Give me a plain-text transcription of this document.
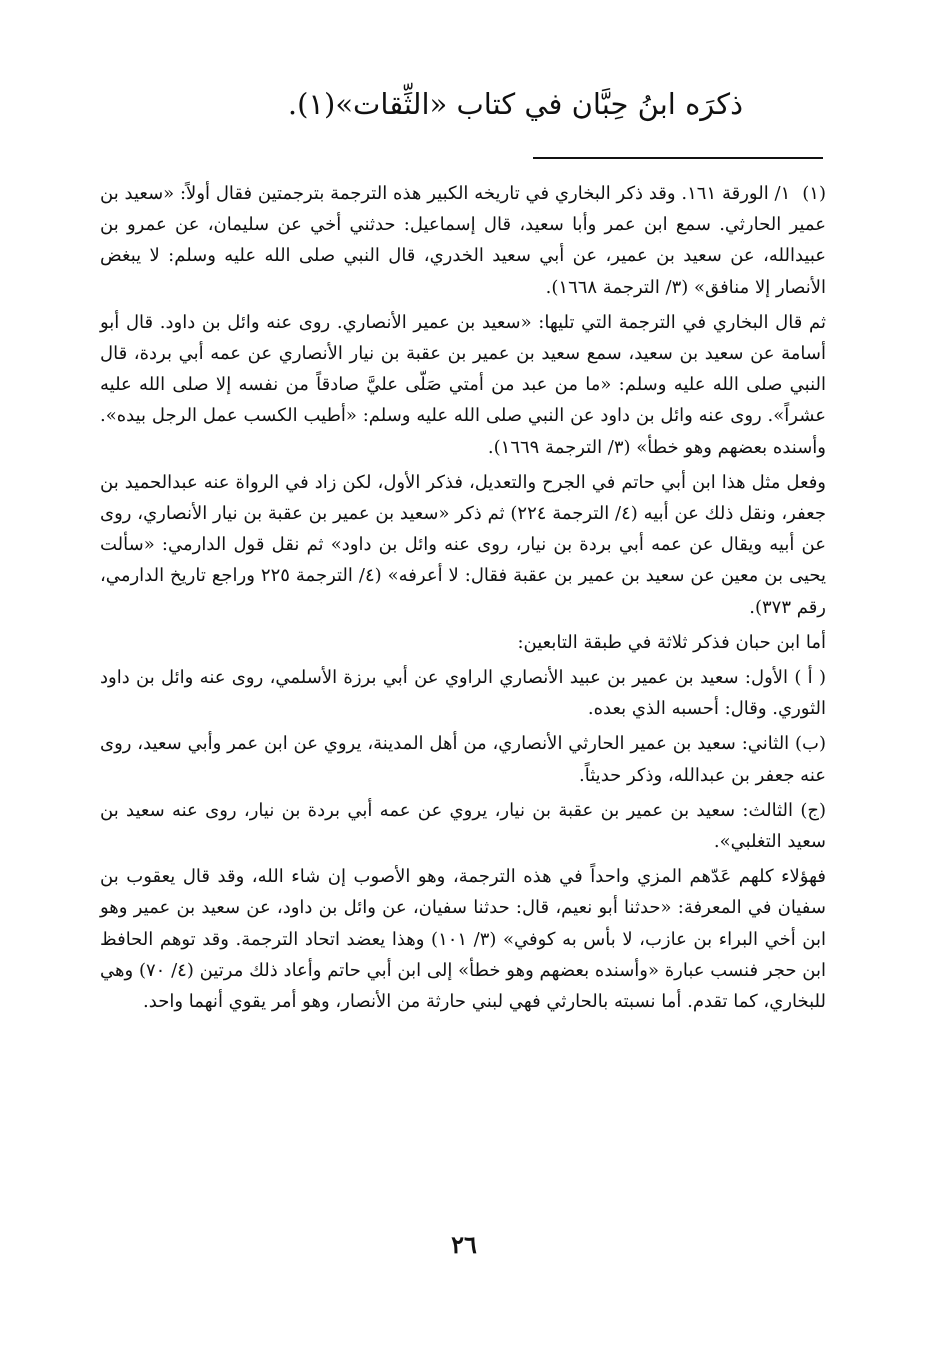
ذكرَه ابنُ حِبَّان في كتاب «الثِّقات»(١).

(١)١/ الورقة ١٦١. وقد ذكر البخاري في تاريخه الكبير هذه الترجمة بترجمتين فقال أولاً: «سعيد بن عمير الحارثي. سمع ابن عمر وأبا سعيد، قال إسماعيل: حدثني أخي عن سليمان، عن عمرو بن عبيدالله، عن سعيد بن عمير، عن أبي سعيد الخدري، قال النبي صلى الله عليه وسلم: لا يبغض الأنصار إلا منافق» (٣/ الترجمة ١٦٦٨).

ثم قال البخاري في الترجمة التي تليها: «سعيد بن عمير الأنصاري. روى عنه وائل بن داود. قال أبو أسامة عن سعيد بن سعيد، سمع سعيد بن عمير بن عقبة بن نيار الأنصاري عن عمه أبي بردة، قال النبي صلى الله عليه وسلم: «ما من عبد من أمتي صَلّى عليَّ صادقاً من نفسه إلا صلى الله عليه عشراً». روى عنه وائل بن داود عن النبي صلى الله عليه وسلم: «أطيب الكسب عمل الرجل بيده». وأسنده بعضهم وهو خطأ» (٣/ الترجمة ١٦٦٩).

وفعل مثل هذا ابن أبي حاتم في الجرح والتعديل، فذكر الأول، لكن زاد في الرواة عنه عبدالحميد بن جعفر، ونقل ذلك عن أبيه (٤/ الترجمة ٢٢٤) ثم ذكر «سعيد بن عمير بن عقبة بن نيار الأنصاري، روى عن أبيه ويقال عن عمه أبي بردة بن نيار، روى عنه وائل بن داود» ثم نقل قول الدارمي: «سألت يحيى بن معين عن سعيد بن عمير بن عقبة فقال: لا أعرفه» (٤/ الترجمة ٢٢٥ وراجع تاريخ الدارمي، رقم ٣٧٣).

أما ابن حبان فذكر ثلاثة في طبقة التابعين:

( أ ) الأول: سعيد بن عمير بن عبيد الأنصاري الراوي عن أبي برزة الأسلمي، روى عنه وائل بن داود الثوري. وقال: أحسبه الذي بعده.

(ب) الثاني: سعيد بن عمير الحارثي الأنصاري، من أهل المدينة، يروي عن ابن عمر وأبي سعيد، روى عنه جعفر بن عبدالله، وذكر حديثاً.

(ج) الثالث: سعيد بن عمير بن عقبة بن نيار، يروي عن عمه أبي بردة بن نيار، روى عنه سعيد بن سعيد التغلبي».

فهؤلاء كلهم عَدّهم المزي واحداً في هذه الترجمة، وهو الأصوب إن شاء الله، وقد قال يعقوب بن سفيان في المعرفة: «حدثنا أبو نعيم، قال: حدثنا سفيان، عن وائل بن داود، عن سعيد بن عمير وهو ابن أخي البراء بن عازب، لا بأس به كوفي» (٣/ ١٠١) وهذا يعضد اتحاد الترجمة. وقد توهم الحافظ ابن حجر فنسب عبارة «وأسنده بعضهم وهو خطأ» إلى ابن أبي حاتم وأعاد ذلك مرتين (٤/ ٧٠) وهي للبخاري، كما تقدم. أما نسبته بالحارثي فهي لبني حارثة من الأنصار، وهو أمر يقوي أنهما واحد.

٢٦
